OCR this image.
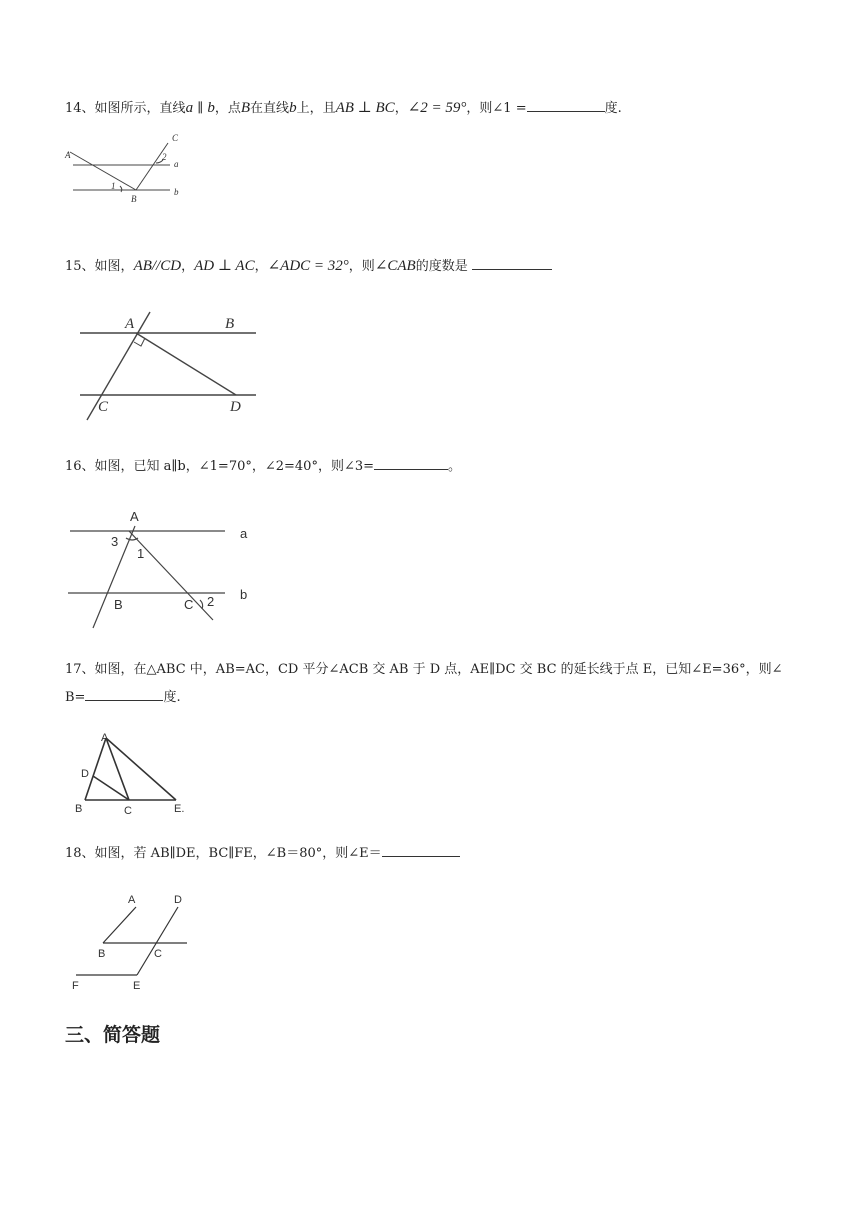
14、如图所示，直线a ∥ b，点B在直线b上，且AB ⊥ BC，∠2 = 59°，则∠1 =	度.
A
C
a
b
B
1
2
15、如图，AB//CD，AD ⊥ AC，∠ADC = 32°，则∠CAB的度数是
A	B
C	D
16、如图，已知 a∥b，∠1=70°，∠2=40°，则∠3=	。
A
a
b
B	C
1
2
3
17、如图，在△ABC 中，AB=AC，CD 平分∠ACB 交 AB 于 D 点，AE∥DC 交 BC 的延长线于点 E，已知∠E=36°，则∠
B=	度.
A
D
B	C	E.
18、如图，若 AB∥DE，BC∥FE，∠B＝80°，则∠E＝
A	D
B	C
F	E
三、简答题
